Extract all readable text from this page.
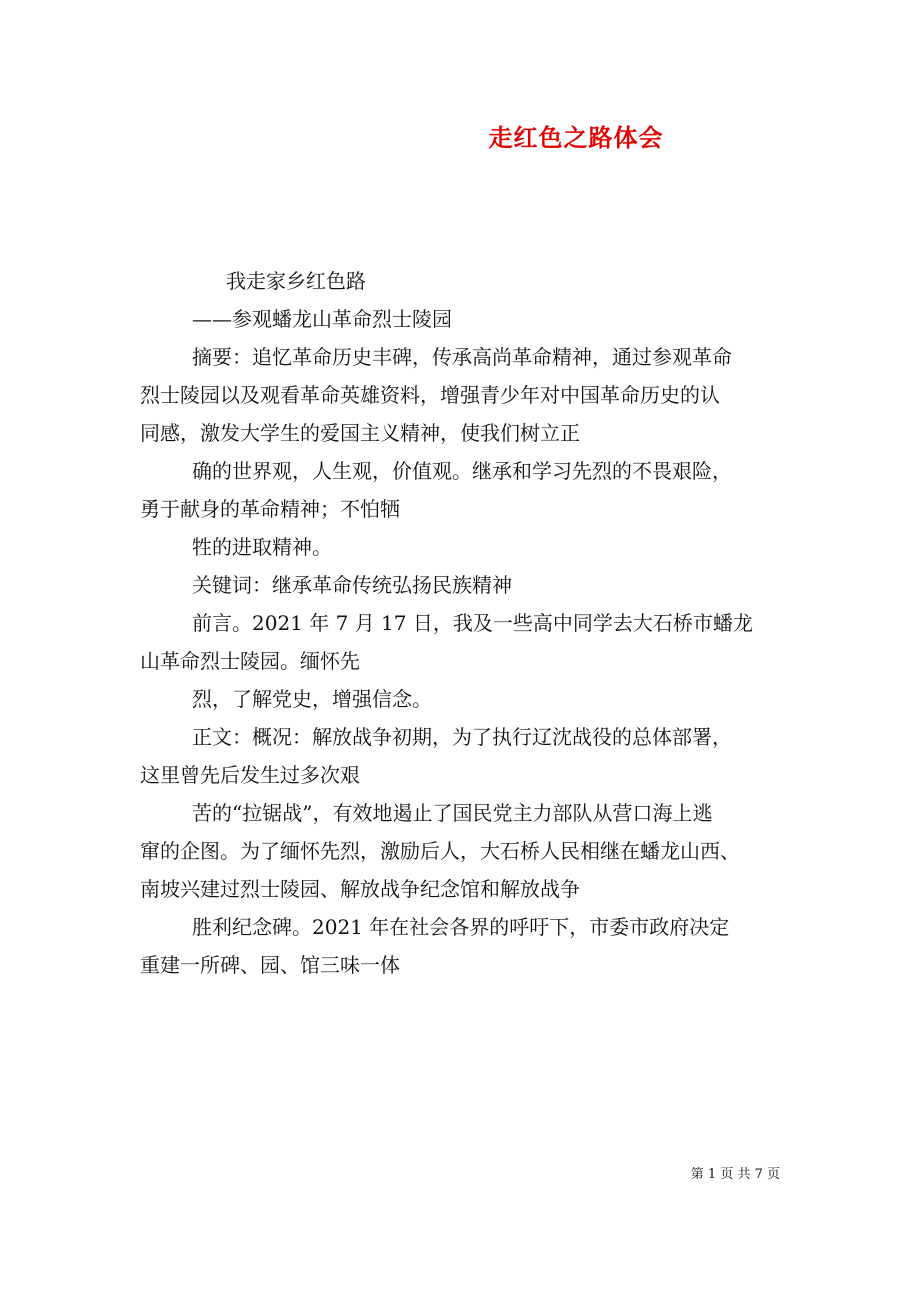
走红色之路体会
我走家乡红色路
——参观蟠龙山革命烈士陵园
摘要：追忆革命历史丰碑，传承高尚革命精神，通过参观革命
烈士陵园以及观看革命英雄资料，增强青少年对中国革命历史的认
同感，激发大学生的爱国主义精神，使我们树立正
确的世界观，人生观，价值观。继承和学习先烈的不畏艰险，
勇于献身的革命精神；不怕牺
牲的进取精神。
关键词：继承革命传统弘扬民族精神
前言。2021 年 7 月 17 日，我及一些高中同学去大石桥市蟠龙
山革命烈士陵园。缅怀先
烈，了解党史，增强信念。
正文：概况：解放战争初期，为了执行辽沈战役的总体部署，
这里曾先后发生过多次艰
苦的“拉锯战”，有效地遏止了国民党主力部队从营口海上逃
窜的企图。为了缅怀先烈，激励后人，大石桥人民相继在蟠龙山西、
南坡兴建过烈士陵园、解放战争纪念馆和解放战争
胜利纪念碑。2021 年在社会各界的呼吁下，市委市政府决定
重建一所碑、园、馆三味一体
第 1 页 共 7 页
